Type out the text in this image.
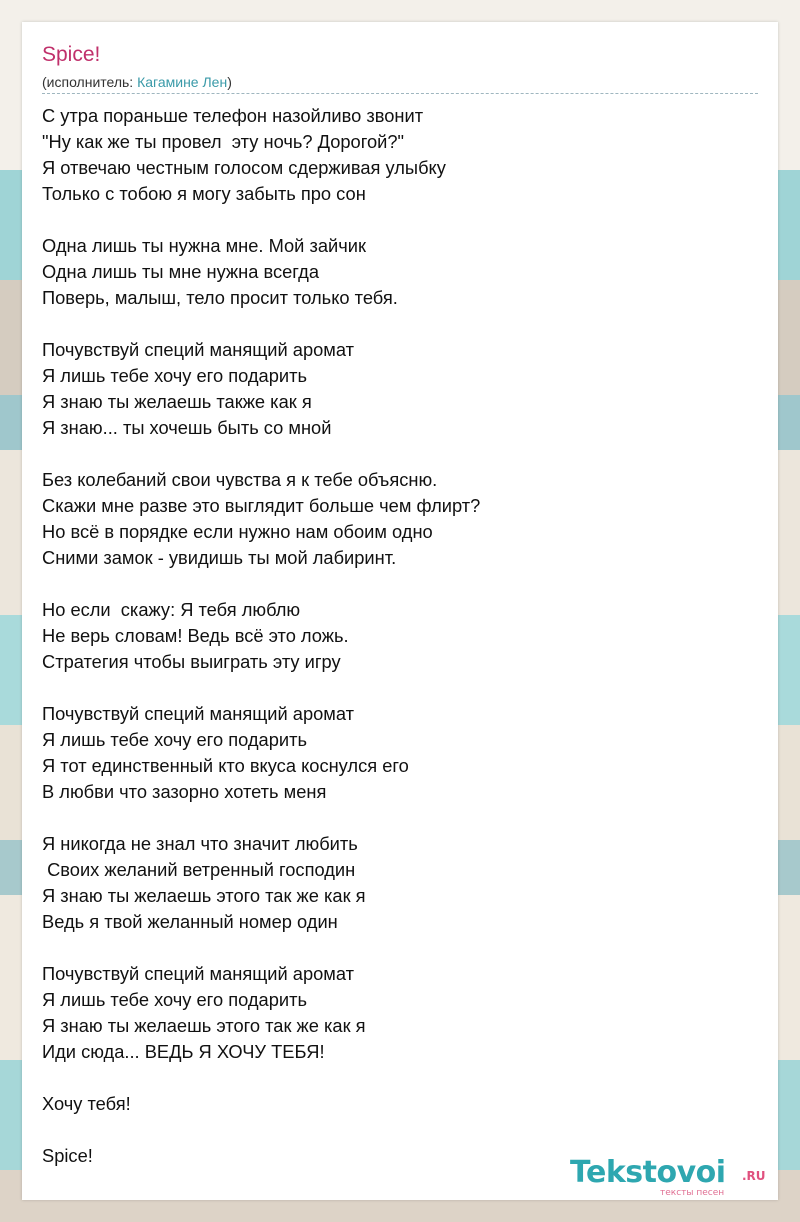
Spice!
(исполнитель: Кагамине Лен)
С утра пораньше телефон назойливо звонит
"Ну как же ты провел  эту ночь? Дорогой?"
Я отвечаю честным голосом сдерживая улыбку
Только с тобою я могу забыть про сон
Одна лишь ты нужна мне. Мой зайчик
Одна лишь ты мне нужна всегда
Поверь, малыш, тело просит только тебя.
Почувствуй специй манящий аромат
Я лишь тебе хочу его подарить
Я знаю ты желаешь также как я
Я знаю... ты хочешь быть со мной
Без колебаний свои чувства я к тебе объясню.
Скажи мне разве это выглядит больше чем флирт?
Но всё в порядке если нужно нам обоим одно
Сними замок - увидишь ты мой лабиринт.
Но если  скажу: Я тебя люблю
Не верь словам! Ведь всё это ложь.
Стратегия чтобы выиграть эту игру
Почувствуй специй манящий аромат
Я лишь тебе хочу его подарить
Я тот единственный кто вкуса коснулся его
В любви что зазорно хотеть меня
Я никогда не знал что значит любить
Своих желаний ветренный господин
Я знаю ты желаешь этого так же как я
Ведь я твой желанный номер один
Почувствуй специй манящий аромат
Я лишь тебе хочу его подарить
Я знаю ты желаешь этого так же как я
Иди сюда... ВЕДЬ Я ХОЧУ ТЕБЯ!
Хочу тебя!
Spice!	Tekstovoi .RU
тексты песен
